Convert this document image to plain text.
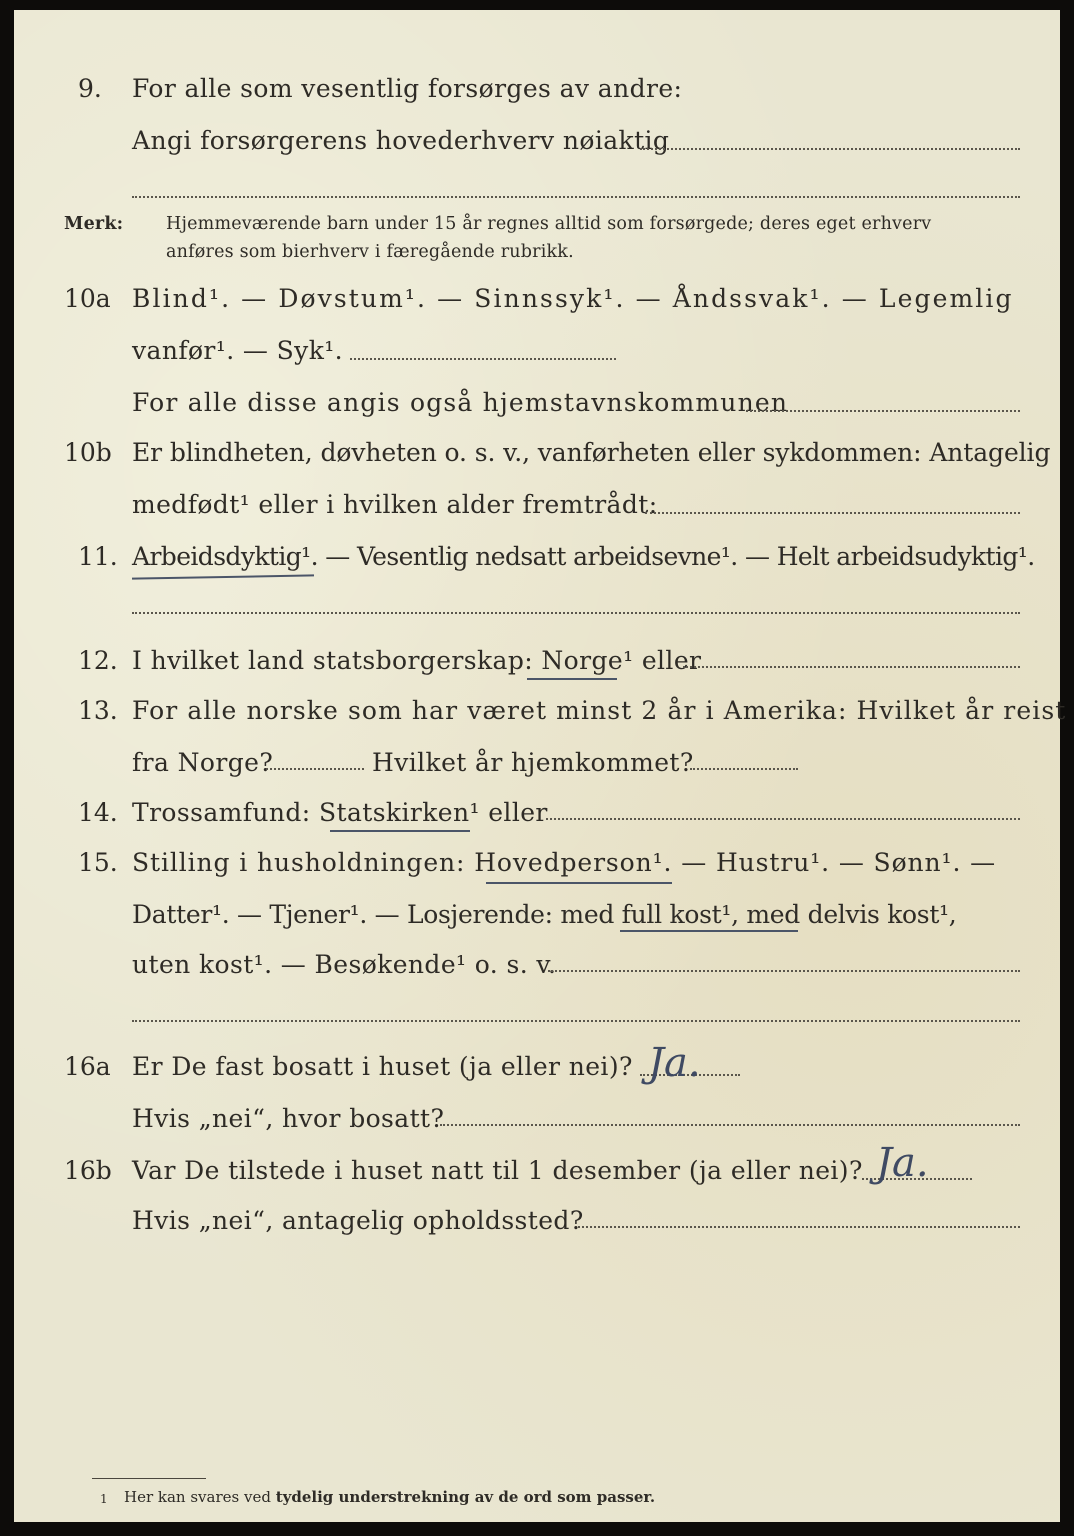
9. For alle som vesentlig forsørges av andre:
Angi forsørgerens hovederhverv nøiaktig
Merk: Hjemmeværende barn under 15 år regnes alltid som forsørgede; deres eget erhverv
anføres som bierhverv i færegående rubrikk.
10a Blind¹. — Døvstum¹. — Sinnssyk¹. — Åndssvak¹. — Legemlig
vanfør¹. — Syk¹.
For alle disse angis også hjemstavnskommunen
10b Er blindheten, døvheten o. s. v., vanførheten eller sykdommen: Antagelig
medfødt¹ eller i hvilken alder fremtrådt:
11. Arbeidsdyktig¹. — Vesentlig nedsatt arbeidsevne¹. — Helt arbeidsudyktig¹.
12. I hvilket land statsborgerskap: Norge¹ eller
13. For alle norske som har været minst 2 år i Amerika: Hvilket år reist
fra Norge?	Hvilket år hjemkommet?
14. Trossamfund: Statskirken¹ eller
15. Stilling i husholdningen: Hovedperson¹. — Hustru¹. — Sønn¹. —
Datter¹. — Tjener¹. — Losjerende: med full kost¹, med delvis kost¹,
uten kost¹. — Besøkende¹ o. s. v.
16a Er De fast bosatt i huset (ja eller nei)? Ja.
Hvis „nei“, hvor bosatt?
16b Var De tilstede i huset natt til 1 desember (ja eller nei)? Ja.
Hvis „nei“, antagelig opholdssted?
1 Her kan svares ved tydelig understrekning av de ord som passer.
